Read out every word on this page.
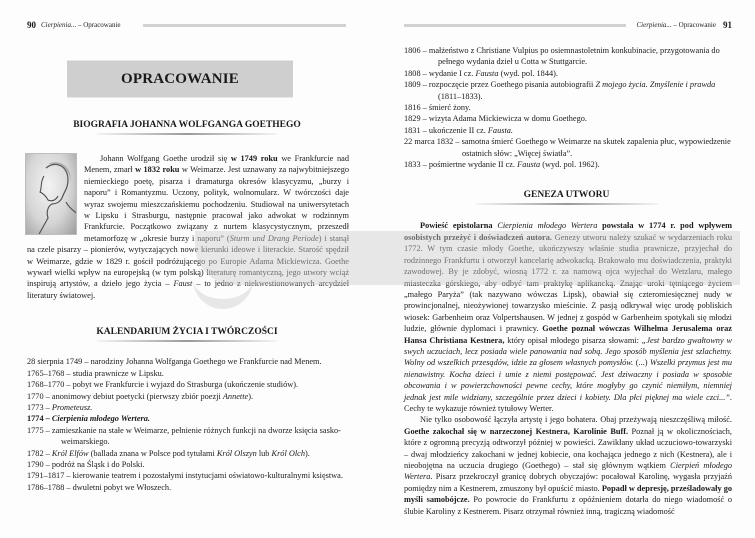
90 Cierpienia... – Opracowanie
OPRACOWANIE
BIOGRAFIA JOHANNA WOLFGANGA GOETHEGO

Johann Wolfgang Goethe urodził się w 1749 roku we Frankfurcie nad Menem, zmarł w 1832 roku w Weimarze. Jest uznawany za najwybitniejszego niemieckiego poetę, pisarza i dramaturga okresów klasycyzmu, „burzy i naporu” i Romantyzmu. Uczony, polityk, wolnomularz. W twórczości daje wyraz swojemu mieszczańskiemu pochodzeniu. Studiował na uniwersytetach w Lipsku i Strasburgu, następnie pracował jako adwokat w rodzinnym Frankfurcie. Początkowo związany z nurtem klasycystycznym, przeszedł metamorfozę w „okresie burzy i naporu” (Sturm und Drang Periode) i stanął na czele pisarzy – pionierów, wytyczających nowe kierunki ideowe i literackie. Starość spędził w Weimarze, gdzie w 1829 r. gościł podróżującego po Europie Adama Mickiewicza. Goethe wywarł wielki wpływ na europejską (w tym polską) literaturę romantyczną, jego utwory wciąż inspirują artystów, a dzieło jego życia – Faust – to jedno z niekwestionowanych arcydzieł literatury światowej.

KALENDARIUM ŻYCIA I TWÓRCZOŚCI
28 sierpnia 1749 – narodziny Johanna Wolfganga Goethego we Frankfurcie nad Menem.
1765–1768 – studia prawnicze w Lipsku.
1768–1770 – pobyt we Frankfurcie i wyjazd do Strasburga (ukończenie studiów).
1770 – anonimowy debiut poetycki (pierwszy zbiór poezji Annette).
1773 – Prometeusz.
1774 – Cierpienia młodego Wertera.
1775 – zamieszkanie na stałe w Weimarze, pełnienie różnych funkcji na dworze księcia sasko-weimarskiego.
1782 – Król Elfów (ballada znana w Polsce pod tytułami Król Olszyn lub Król Olch).
1790 – podróż na Śląsk i do Polski.
1791–1817 – kierowanie teatrem i pozostałymi instytucjami oświatowo-kulturalnymi księstwa.
1786–1788 – dwuletni pobyt we Włoszech.
Cierpienia... – Opracowanie 91
1806 – małżeństwo z Christiane Vulpius po osiemnastoletnim konkubinacie, przygotowania do pełnego wydania dzieł u Cotta w Stuttgarcie.
1808 – wydanie I cz. Fausta (wyd. pol. 1844).
1809 – rozpoczęcie przez Goethego pisania autobiografii Z mojego życia. Zmyślenie i prawda (1811–1833).
1816 – śmierć żony.
1829 – wizyta Adama Mickiewicza w domu Goethego.
1831 – ukończenie II cz. Fausta.
22 marca 1832 – samotna śmierć Goethego w Weimarze na skutek zapalenia płuc, wypowiedzenie ostatnich słów: „Więcej światła”.
1833 – pośmiertne wydanie II cz. Fausta (wyd. pol. 1962).
GENEZA UTWORU

Powieść epistolarna Cierpienia młodego Wertera powstała w 1774 r. pod wpływem osobistych przeżyć i doświadczeń autora. Genezy utworu należy szukać w wydarzeniach roku 1772. W tym czasie młody Goethe, ukończywszy właśnie studia prawnicze, przyjechał do rodzinnego Frankfurtu i otworzył kancelarię adwokacką. Brakowało mu doświadczenia, praktyki zawodowej. By je zdobyć, wiosną 1772 r. za namową ojca wyjechał do Wetzlaru, małego miasteczka górskiego, aby odbyć tam praktykę aplikancką. Znając uroki tętniącego życiem „małego Paryża” (tak nazywano wówczas Lipsk), obawiał się czteromiesięcznej nudy w prowincjonalnej, nieożywionej towarzysko mieścinie. Z pasją odkrywał więc urodę pobliskich wiosek: Garbenheim oraz Volpertshausen. W jednej z gospód w Garbenheim spotykali się młodzi ludzie, głównie dyplomaci i prawnicy. Goethe poznał wówczas Wilhelma Jerusalema oraz Hansa Christiana Kestnera, który opisał młodego pisarza słowami: „Jest bardzo gwałtowny w swych uczuciach, lecz posiada wiele panowania nad sobą. Jego sposób myślenia jest szlachetny. Wolny od wszelkich przesądów, idzie za głosem własnych pomysłów. (...) Wszelki przymus jest mu nienawistny. Kocha dzieci i umie z niemi postępować. Jest dziwaczny i posiada w sposobie obcowania i w powierzchowności pewne cechy, które mogłyby go czynić niemiłym, niemniej jednak jest mile widziany, szczególnie przez dzieci i kobiety. Dla płci pięknej ma wiele czci...”. Cechy te wykazuje również tytułowy Werter.

Nie tylko osobowość łączyła artystę i jego bohatera. Obaj przeżywają nieszczęśliwą miłość. Goethe zakochał się w narzeczonej Kestnera, Karolinie Buff. Poznał ją w okolicznościach, które z ogromną precyzją odtworzył później w powieści. Zawikłany układ uczuciowo-towarzyski – dwaj młodzieńcy zakochani w jednej kobiecie, ona kochająca jednego z nich (Kestnera), ale i nieobojętna na uczucia drugiego (Goethego) – stał się głównym wątkiem Cierpień młodego Wertera. Pisarz przekroczył granicę dobrych obyczajów: pocałował Karolinę, wygasła przyjaźń pomiędzy nim a Kestnerem, zmuszony był opuścić miasto. Popadł w depresję, prześladowały go myśli samobójcze. Po powrocie do Frankfurtu z opóźnieniem dotarła do niego wiadomość o ślubie Karoliny z Kestnerem. Pisarz otrzymał również inną, tragiczną wiadomość
